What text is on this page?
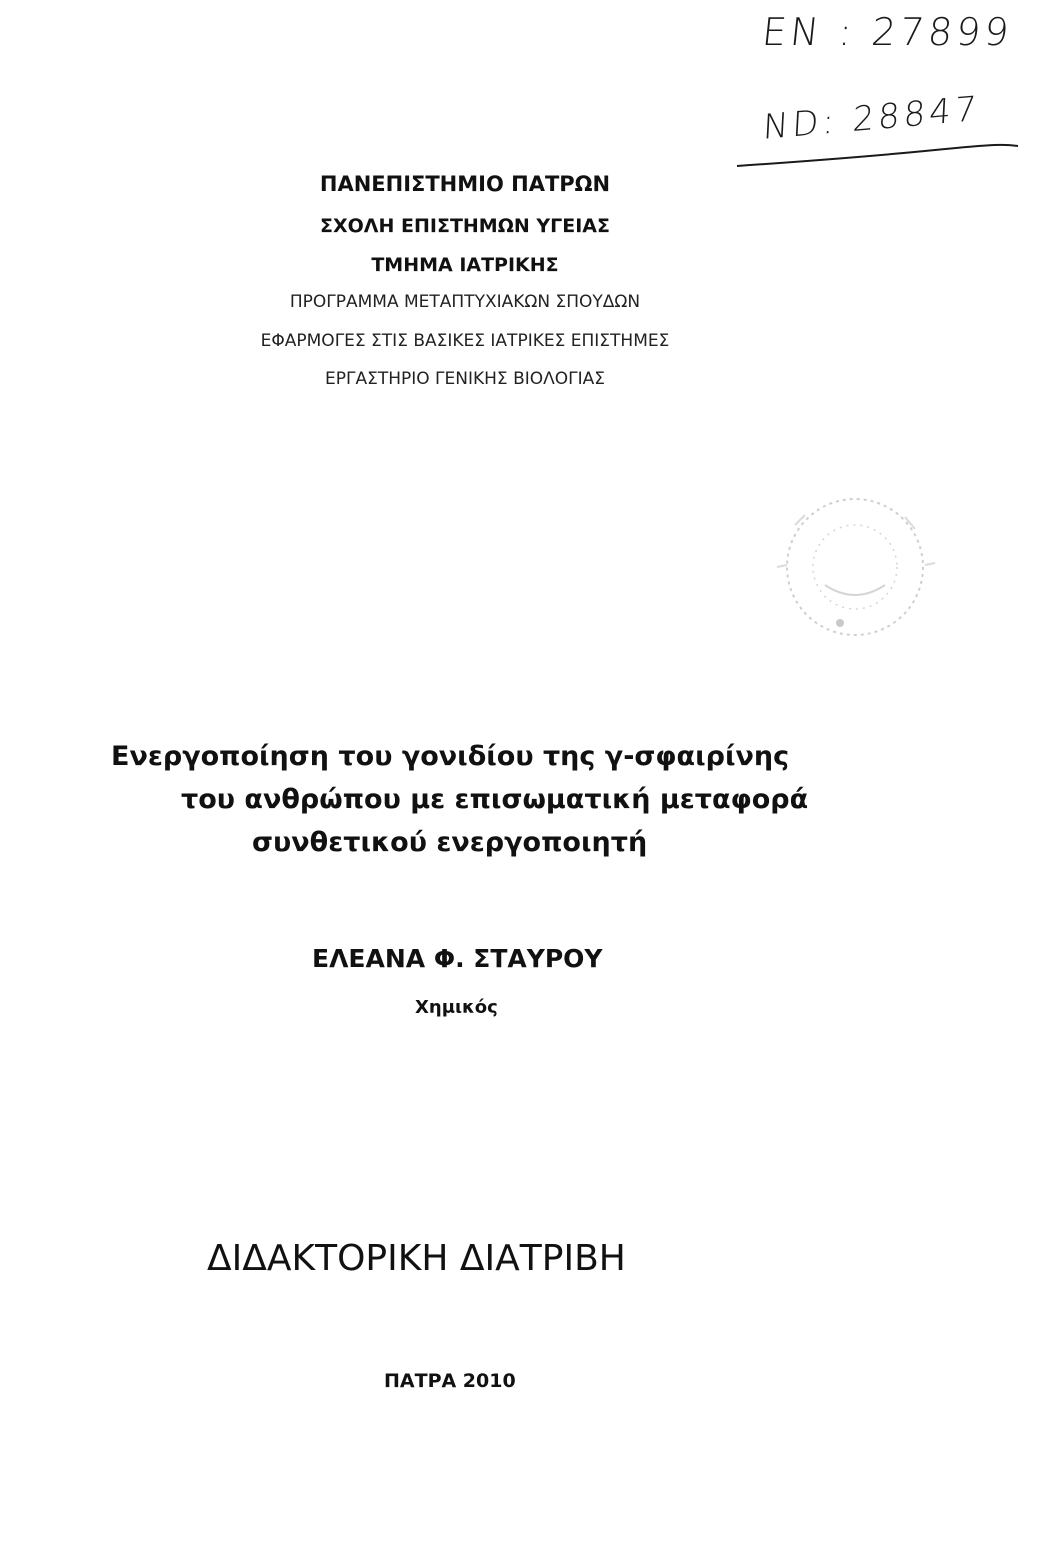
EN : 27899
ND: 28847
ΠΑΝΕΠΙΣΤΗΜΙΟ ΠΑΤΡΩΝ
ΣΧΟΛΗ ΕΠΙΣΤΗΜΩΝ ΥΓΕΙΑΣ
ΤΜΗΜΑ ΙΑΤΡΙΚΗΣ
ΠΡΟΓΡΑΜΜΑ ΜΕΤΑΠΤΥΧΙΑΚΩΝ ΣΠΟΥΔΩΝ
ΕΦΑΡΜΟΓΕΣ ΣΤΙΣ ΒΑΣΙΚΕΣ ΙΑΤΡΙΚΕΣ ΕΠΙΣΤΗΜΕΣ
ΕΡΓΑΣΤΗΡΙΟ ΓΕΝΙΚΗΣ ΒΙΟΛΟΓΙΑΣ
Ενεργοποίηση του γονιδίου της γ-σφαιρίνης
του ανθρώπου με επισωματική μεταφορά
συνθετικού ενεργοποιητή
ΕΛΕΑΝΑ Φ. ΣΤΑΥΡΟΥ
Χημικός
ΔΙΔΑΚΤΟΡΙΚΗ ΔΙΑΤΡΙΒΗ
ΠΑΤΡΑ 2010
